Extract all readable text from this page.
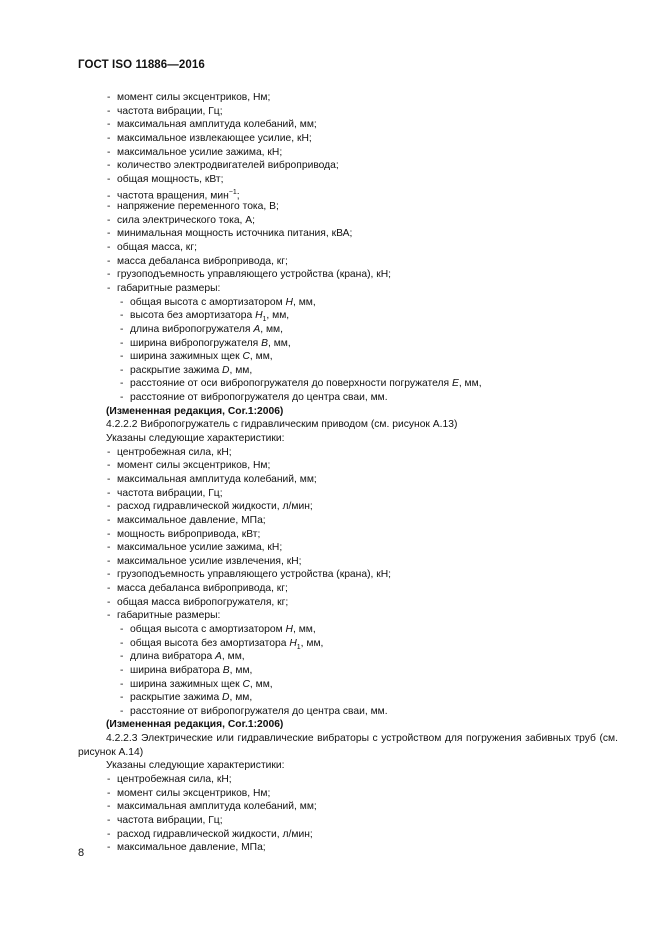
ГОСТ ISO 11886—2016
- момент силы эксцентриков, Нм;
- частота вибрации, Гц;
- максимальная амплитуда колебаний, мм;
- максимальное извлекающее усилие, кН;
- максимальное усилие зажима, кН;
- количество электродвигателей вибропривода;
- общая мощность, кВт;
- частота вращения, мин$^{-1}$;
- напряжение переменного тока, В;
- сила электрического тока, А;
- минимальная мощность источника питания, кВА;
- общая масса, кг;
- масса дебаланса вибропривода, кг;
- грузоподъемность управляющего устройства (крана), кН;
- габаритные размеры:
- общая высота с амортизатором H, мм,
- высота без амортизатора $H_1$, мм,
- длина вибропогружателя A, мм,
- ширина вибропогружателя B, мм,
- ширина зажимных щек C, мм,
- раскрытие зажима D, мм,
- расстояние от оси вибропогружателя до поверхности погружателя E, мм,
- расстояние от вибропогружателя до центра сваи, мм.
(Измененная редакция, Cor.1:2006)
4.2.2.2 Вибропогружатель с гидравлическим приводом (см. рисунок А.13)
Указаны следующие характеристики:
- центробежная сила, кН;
- момент силы эксцентриков, Нм;
- максимальная амплитуда колебаний, мм;
- частота вибрации, Гц;
- расход гидравлической жидкости, л/мин;
- максимальное давление, МПа;
- мощность вибропривода, кВт;
- максимальное усилие зажима, кН;
- максимальное усилие извлечения, кН;
- грузоподъемность управляющего устройства (крана), кН;
- масса дебаланса вибропривода, кг;
- общая масса вибропогружателя, кг;
- габаритные размеры:
- общая высота с амортизатором H, мм,
- общая высота без амортизатора $H_1$, мм,
- длина вибратора A, мм,
- ширина вибратора B, мм,
- ширина зажимных щек C, мм,
- раскрытие зажима D, мм,
- расстояние от вибропогружателя до центра сваи, мм.
(Измененная редакция, Cor.1:2006)
4.2.2.3 Электрические или гидравлические вибраторы с устройством для погружения забивных труб (см. рисунок А.14)
Указаны следующие характеристики:
- центробежная сила, кН;
- момент силы эксцентриков, Нм;
- максимальная амплитуда колебаний, мм;
- частота вибрации, Гц;
- расход гидравлической жидкости, л/мин;
- максимальное давление, МПа;
8
